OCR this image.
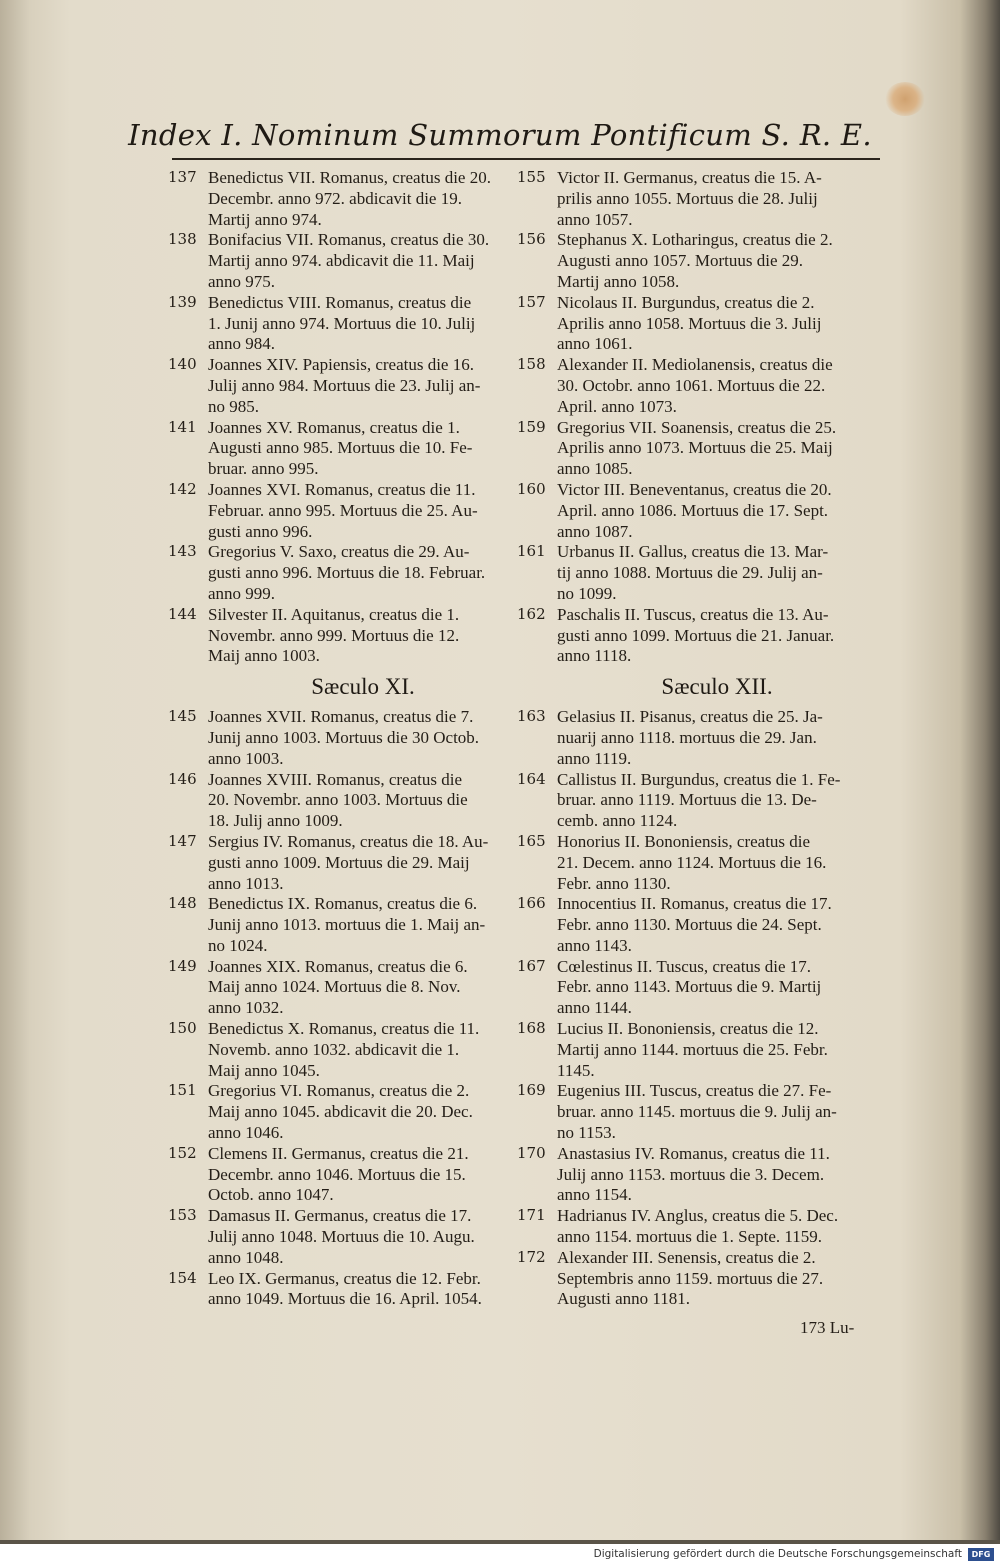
Index I. Nominum Summorum Pontificum S. R. E.
137 Benedictus VII. Romanus, creatus die 20.
Decembr. anno 972. abdicavit die 19.
Martij anno 974.
138 Bonifacius VII. Romanus, creatus die 30.
Martij anno 974. abdicavit die 11. Maij
anno 975.
139 Benedictus VIII. Romanus, creatus die
1. Junij anno 974. Mortuus die 10. Julij
anno 984.
140 Joannes XIV. Papiensis, creatus die 16.
Julij anno 984. Mortuus die 23. Julij an-
no 985.
141 Joannes XV. Romanus, creatus die 1.
Augusti anno 985. Mortuus die 10. Fe-
bruar. anno 995.
142 Joannes XVI. Romanus, creatus die 11.
Februar. anno 995. Mortuus die 25. Au-
gusti anno 996.
143 Gregorius V. Saxo, creatus die 29. Au-
gusti anno 996. Mortuus die 18. Februar.
anno 999.
144 Silvester II. Aquitanus, creatus die 1.
Novembr. anno 999. Mortuus die 12.
Maij anno 1003.
Sæculo XI.
145 Joannes XVII. Romanus, creatus die 7.
Junij anno 1003. Mortuus die 30 Octob.
anno 1003.
146 Joannes XVIII. Romanus, creatus die
20. Novembr. anno 1003. Mortuus die
18. Julij anno 1009.
147 Sergius IV. Romanus, creatus die 18. Au-
gusti anno 1009. Mortuus die 29. Maij
anno 1013.
148 Benedictus IX. Romanus, creatus die 6.
Junij anno 1013. mortuus die 1. Maij an-
no 1024.
149 Joannes XIX. Romanus, creatus die 6.
Maij anno 1024. Mortuus die 8. Nov.
anno 1032.
150 Benedictus X. Romanus, creatus die 11.
Novemb. anno 1032. abdicavit die 1.
Maij anno 1045.
151 Gregorius VI. Romanus, creatus die 2.
Maij anno 1045. abdicavit die 20. Dec.
anno 1046.
152 Clemens II. Germanus, creatus die 21.
Decembr. anno 1046. Mortuus die 15.
Octob. anno 1047.
153 Damasus II. Germanus, creatus die 17.
Julij anno 1048. Mortuus die 10. Augu.
anno 1048.
154 Leo IX. Germanus, creatus die 12. Febr.
anno 1049. Mortuus die 16. April. 1054.
155 Victor II. Germanus, creatus die 15. A-
prilis anno 1055. Mortuus die 28. Julij
anno 1057.
156 Stephanus X. Lotharingus, creatus die 2.
Augusti anno 1057. Mortuus die 29.
Martij anno 1058.
157 Nicolaus II. Burgundus, creatus die 2.
Aprilis anno 1058. Mortuus die 3. Julij
anno 1061.
158 Alexander II. Mediolanensis, creatus die
30. Octobr. anno 1061. Mortuus die 22.
April. anno 1073.
159 Gregorius VII. Soanensis, creatus die 25.
Aprilis anno 1073. Mortuus die 25. Maij
anno 1085.
160 Victor III. Beneventanus, creatus die 20.
April. anno 1086. Mortuus die 17. Sept.
anno 1087.
161 Urbanus II. Gallus, creatus die 13. Mar-
tij anno 1088. Mortuus die 29. Julij an-
no 1099.
162 Paschalis II. Tuscus, creatus die 13. Au-
gusti anno 1099. Mortuus die 21. Januar.
anno 1118.
Sæculo XII.
163 Gelasius II. Pisanus, creatus die 25. Ja-
nuarij anno 1118. mortuus die 29. Jan.
anno 1119.
164 Callistus II. Burgundus, creatus die 1. Fe-
bruar. anno 1119. Mortuus die 13. De-
cemb. anno 1124.
165 Honorius II. Bononiensis, creatus die
21. Decem. anno 1124. Mortuus die 16.
Febr. anno 1130.
166 Innocentius II. Romanus, creatus die 17.
Febr. anno 1130. Mortuus die 24. Sept.
anno 1143.
167 Cœlestinus II. Tuscus, creatus die 17.
Febr. anno 1143. Mortuus die 9. Martij
anno 1144.
168 Lucius II. Bononiensis, creatus die 12.
Martij anno 1144. mortuus die 25. Febr.
1145.
169 Eugenius III. Tuscus, creatus die 27. Fe-
bruar. anno 1145. mortuus die 9. Julij an-
no 1153.
170 Anastasius IV. Romanus, creatus die 11.
Julij anno 1153. mortuus die 3. Decem.
anno 1154.
171 Hadrianus IV. Anglus, creatus die 5. Dec.
anno 1154. mortuus die 1. Septe. 1159.
172 Alexander III. Senensis, creatus die 2.
Septembris anno 1159. mortuus die 27.
Augusti anno 1181.
173 Lu-
Digitalisierung gefördert durch die Deutsche Forschungsgemeinschaft	DFG
